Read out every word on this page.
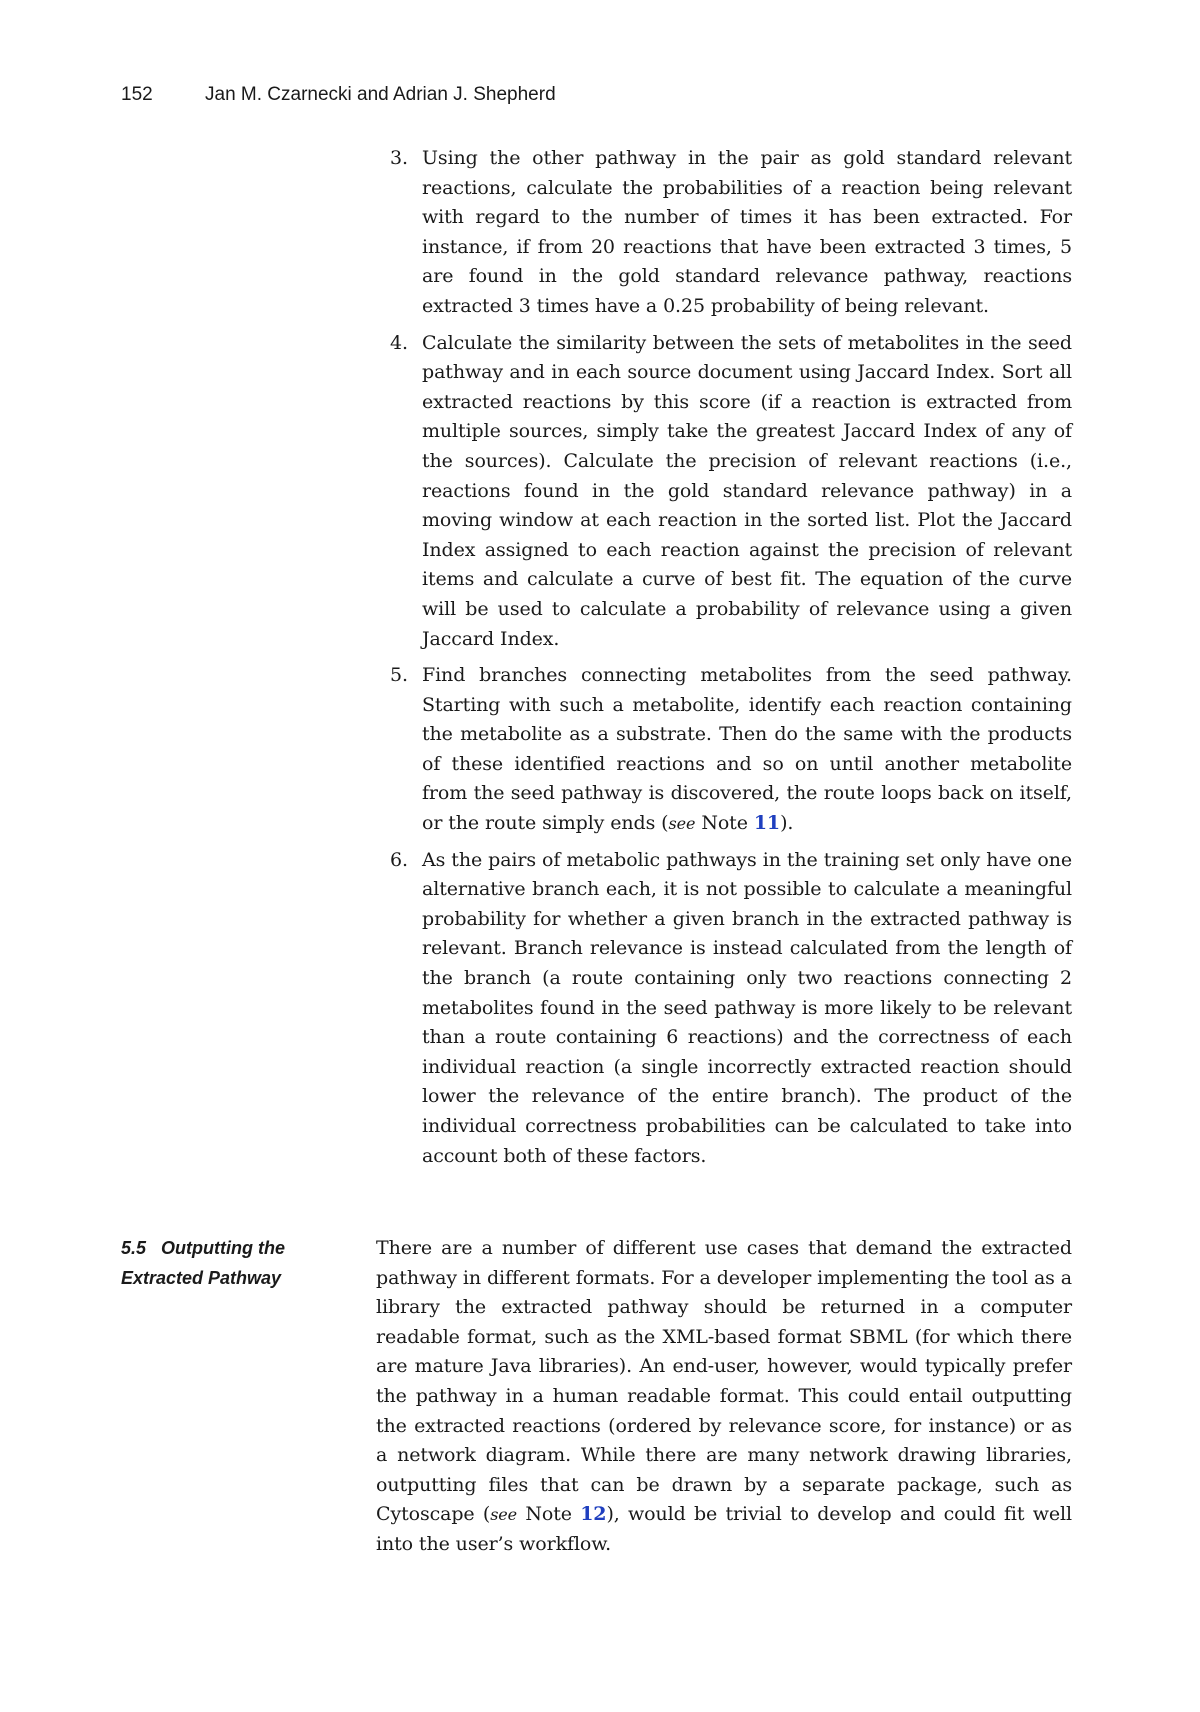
152	Jan M. Czarnecki and Adrian J. Shepherd
3. Using the other pathway in the pair as gold standard relevant reactions, calculate the probabilities of a reaction being relevant with regard to the number of times it has been extracted. For instance, if from 20 reactions that have been extracted 3 times, 5 are found in the gold standard relevance pathway, reactions extracted 3 times have a 0.25 probability of being relevant.
4. Calculate the similarity between the sets of metabolites in the seed pathway and in each source document using Jaccard Index. Sort all extracted reactions by this score (if a reaction is extracted from multiple sources, simply take the greatest Jaccard Index of any of the sources). Calculate the precision of relevant reactions (i.e., reactions found in the gold standard relevance pathway) in a moving window at each reaction in the sorted list. Plot the Jaccard Index assigned to each reaction against the precision of relevant items and calculate a curve of best fit. The equation of the curve will be used to calculate a probability of relevance using a given Jaccard Index.
5. Find branches connecting metabolites from the seed pathway. Starting with such a metabolite, identify each reaction containing the metabolite as a substrate. Then do the same with the products of these identified reactions and so on until another metabolite from the seed pathway is discovered, the route loops back on itself, or the route simply ends (see Note 11).
6. As the pairs of metabolic pathways in the training set only have one alternative branch each, it is not possible to calculate a meaningful probability for whether a given branch in the extracted pathway is relevant. Branch relevance is instead calculated from the length of the branch (a route containing only two reactions connecting 2 metabolites found in the seed pathway is more likely to be relevant than a route containing 6 reactions) and the correctness of each individual reaction (a single incorrectly extracted reaction should lower the relevance of the entire branch). The product of the individual correctness probabilities can be calculated to take into account both of these factors.
5.5 Outputting the
Extracted Pathway

There are a number of different use cases that demand the extracted pathway in different formats. For a developer implementing the tool as a library the extracted pathway should be returned in a computer readable format, such as the XML-based format SBML (for which there are mature Java libraries). An end-user, however, would typically prefer the pathway in a human readable format. This could entail outputting the extracted reactions (ordered by relevance score, for instance) or as a network diagram. While there are many network drawing libraries, outputting files that can be drawn by a separate package, such as Cytoscape (see Note 12), would be trivial to develop and could fit well into the user’s workflow.
